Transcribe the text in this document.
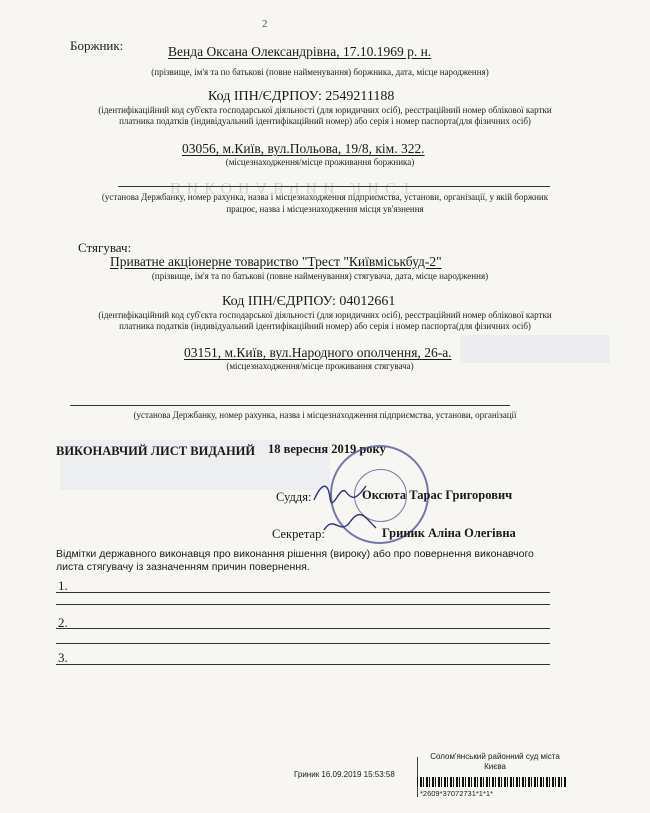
ВИКОНАВЧИЙ ЛИСТ
2
Боржник:	Венда Оксана Олександрівна, 17.10.1969 р. н.
(прізвище, ім'я та по батькові (повне найменування) боржника, дата, місце народження)
Код ІПН/ЄДРПОУ: 2549211188
(ідентифікаційний код суб'єкта господарської діяльності (для юридичних осіб), реєстраційний номер облікової картки
платника податків (індивідуальний ідентифікаційний номер) або серія і номер паспорта(для фізичних осіб)
03056, м.Київ, вул.Польова, 19/8, кім. 322.
(місцезнаходження/місце проживання боржника)
(установа Держбанку, номер рахунка, назва і місцезнаходження підприємства, установи, організації, у якій боржник
працює, назва і місцезнаходження місця ув'язнення
Стягувач:
Приватне акціонерне товариство "Трест "Київміськбуд-2"
(прізвище, ім'я та по батькові (повне найменування) стягувача, дата, місце народження)
Код ІПН/ЄДРПОУ: 04012661
(ідентифікаційний код суб'єкта господарської діяльності (для юридичних осіб), реєстраційний номер облікової картки
платника податків (індивідуальний ідентифікаційний номер) або серія і номер паспорта(для фізичних осіб)
03151, м.Київ, вул.Народного ополчення, 26-а.
(місцезнаходження/місце проживання стягувача)
(установа Держбанку, номер рахунка, назва і місцезнаходження підприємства, установи, організації
ВИКОНАВЧИЙ ЛИСТ ВИДАНИЙ 18 вересня 2019 року
Суддя:	Оксюта Тарас Григорович
Секретар:	Гриник Аліна Олегівна
Відмітки державного виконавця про виконання рішення (вироку) або про повернення виконавчого листа стягувачу із зазначенням причин повернення.
1.
2.
3.
Солом'янський районний суд міста Києва
Гриник 16.09.2019 15:53:58
*2609*37072731*1*1*
